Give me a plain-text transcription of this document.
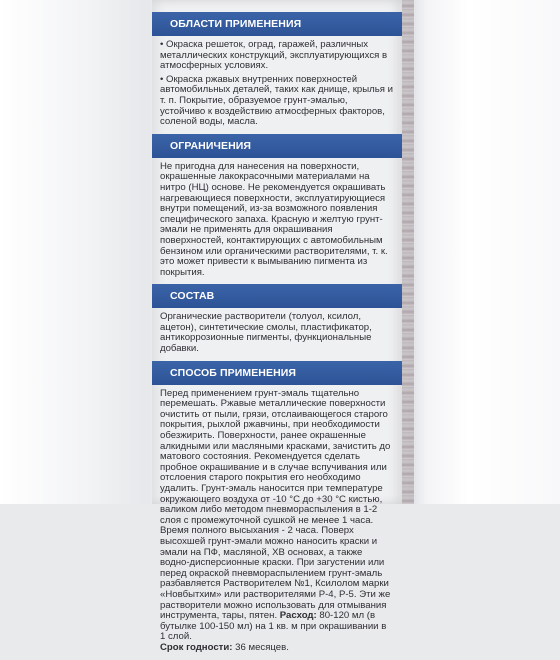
ОБЛАСТИ ПРИМЕНЕНИЯ

• Окраска решеток, оград, гаражей, различных металлических конструкций, эксплуатирующихся в атмосферных условиях.

• Окраска ржавых внутренних поверхностей автомобильных деталей, таких как днище, крылья и т. п. Покрытие, образуемое грунт-эмалью, устойчиво к воздействию атмосферных факторов, соленой воды, масла.

ОГРАНИЧЕНИЯ

Не пригодна для нанесения на поверхности, окрашенные лакокрасочными материалами на нитро (НЦ) основе. Не рекомендуется окрашивать нагревающиеся поверхности, эксплуатирующиеся внутри помещений, из-за возможного появления специфического запаха. Красную и желтую грунт-эмали не применять для окрашивания поверхностей, контактирующих с автомобильным бензином или органическими растворителями, т. к. это может привести к вымыванию пигмента из покрытия.

СОСТАВ

Органические растворители (толуол, ксилол, ацетон), синтетические смолы, пластификатор, антикоррозионные пигменты, функциональные добавки.

СПОСОБ ПРИМЕНЕНИЯ

Перед применением грунт-эмаль тщательно перемешать. Ржавые металлические поверхности очистить от пыли, грязи, отслаивающегося старого покрытия, рыхлой ржавчины, при необходимости обезжирить. Поверхности, ранее окрашенные алкидными или масляными красками, зачистить до матового состояния. Рекомендуется сделать пробное окрашивание и в случае вспучивания или отслоения старого покрытия его необходимо удалить. Грунт-эмаль наносится при температуре окружающего воздуха от -10 °С до +30 °С кистью, валиком либо методом пневмораспыления в 1-2 слоя с промежуточной сушкой не менее 1 часа. Время полного высыхания - 2 часа. Поверх высохшей грунт-эмали можно наносить краски и эмали на ПФ, масляной, ХВ основах, а также водно-дисперсионные краски. При загустении или перед окраской пневмораспылением грунт-эмаль разбавляется Растворителем №1, Ксилолом марки «Новбытхим» или растворителями Р-4, Р-5. Эти же растворители можно использовать для отмывания инструмента, тары, пятен. Расход: 80-120 мл (в бутылке 100-150 мл) на 1 кв. м при окрашивании в 1 слой.

Срок годности: 36 месяцев.
